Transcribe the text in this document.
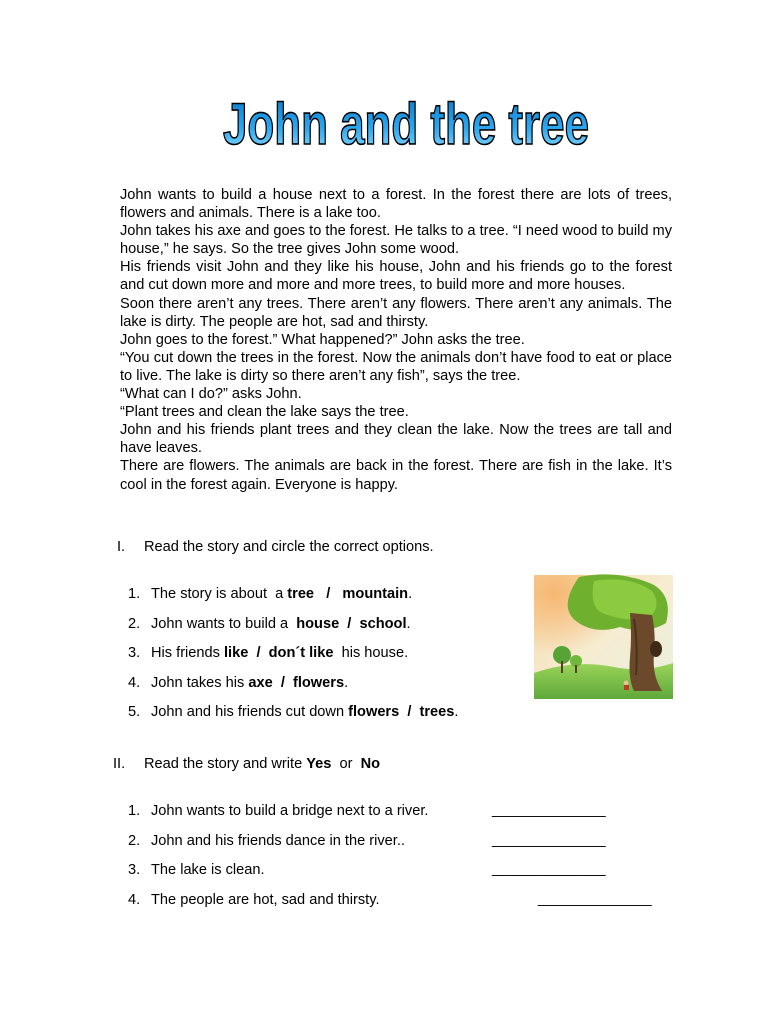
John and the tree

John wants to build a house next to a forest. In the forest there are lots of trees, flowers and animals. There is a lake too.

John takes his axe and goes to the forest. He talks to a tree. “I need wood to build my house,” he says. So the tree gives John some wood.

His friends visit John and they like his house, John and his friends go to the forest and cut down more and more and more trees, to build more and more houses.

Soon there aren’t any trees. There aren’t any flowers. There aren’t any animals. The lake is dirty. The people are hot, sad and thirsty.

John goes to the forest.” What happened?” John asks the tree.

“You cut down the trees in the forest. Now the animals don’t have food to eat or place to live. The lake is dirty so there aren’t any fish”, says the tree.

“What can I do?” asks John.

“Plant trees and clean the lake says the tree.

John and his friends plant trees and they clean the lake. Now the trees are tall and have leaves.

There are flowers. The animals are back in the forest. There are fish in the lake. It’s cool in the forest again. Everyone is happy.

I. Read the story and circle the correct options.
1. The story is about  a tree   /   mountain.
2. John wants to build a  house  /  school.
3. His friends like  /  don´t like  his house.
4. John takes his axe  /  flowers.
5. John and his friends cut down flowers  /  trees.
II. Read the story and write Yes  or  No
1. John wants to build a bridge next to a river.
2. John and his friends dance in the river..
3. The lake is clean.
4. The people are hot, sad and thirsty.
______________
______________
______________
______________
